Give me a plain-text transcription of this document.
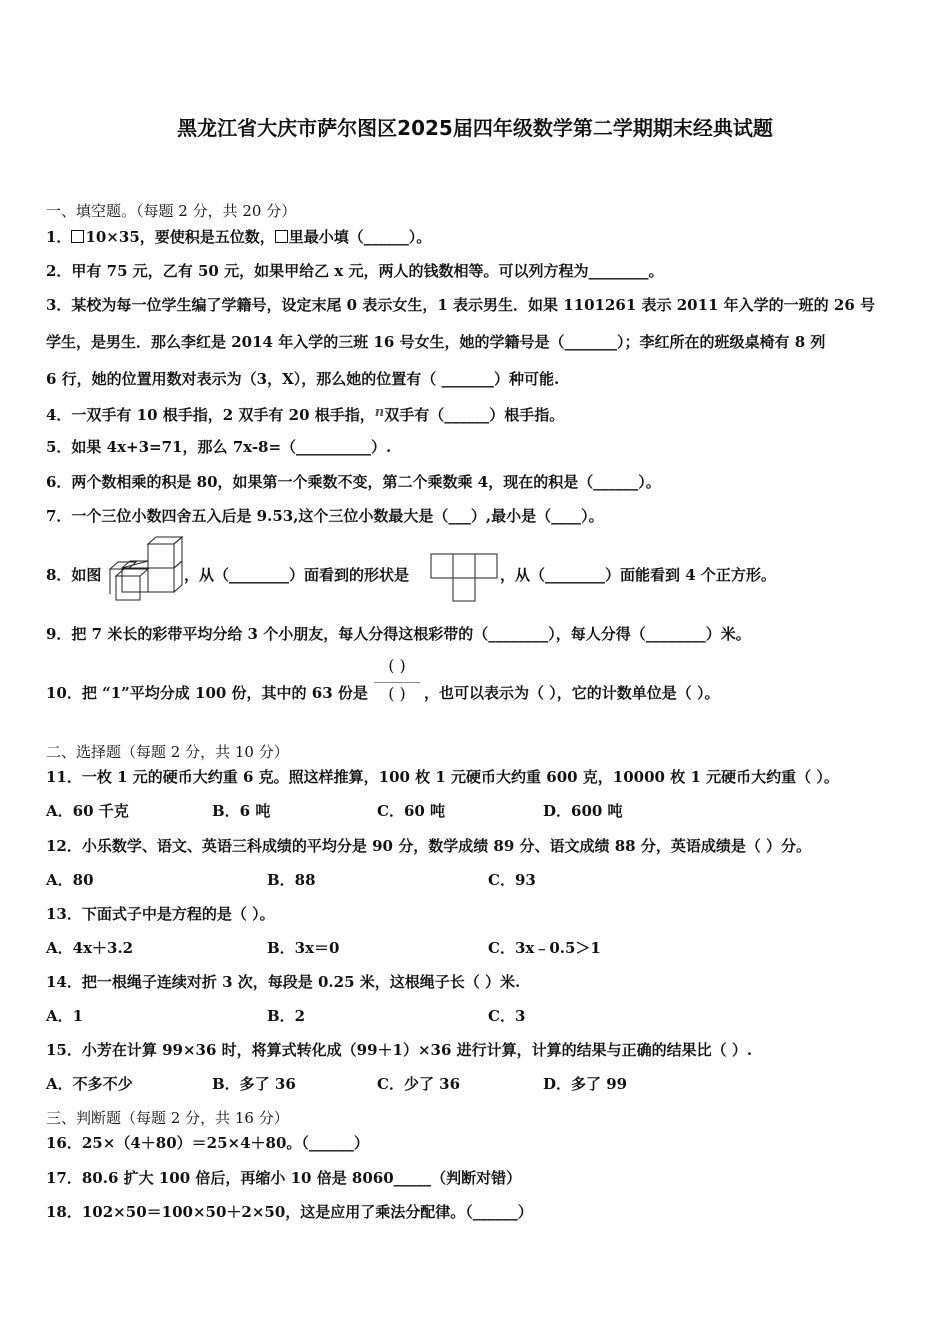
黑龙江省大庆市萨尔图区2025届四年级数学第二学期期末经典试题
一、填空题。（每题 2 分，共 20 分）
1． 10×35，要使积是五位数， 里最小填（______）。
2．甲有 75 元，乙有 50 元，如果甲给乙 x 元，两人的钱数相等。可以列方程为________。
3．某校为每一位学生编了学籍号，设定末尾 0 表示女生，1 表示男生．如果 1101261 表示 2011 年入学的一班的 26 号
学生，是男生．那么李红是 2014 年入学的三班 16 号女生，她的学籍号是（_______）；李红所在的班级桌椅有 8 列
6 行，她的位置用数对表示为（3，X），那么她的位置有（ _______）种可能.
4．一双手有 10 根手指，2 双手有 20 根手指，n双手有（______）根手指。
5．如果 4x+3=71，那么 7x-8=（__________）.
6．两个数相乘的积是 80，如果第一个乘数不变，第二个乘数乘 4，现在的积是（______）。
7．一个三位小数四舍五入后是 9.53,这个三位小数最大是（___）,最小是（____）。
8．如图	，从（________）面看到的形状是	，从（________）面能看到 4 个正方形。
9．把 7 米长的彩带平均分给 3 个小朋友，每人分得这根彩带的（________），每人分得（________）米。
10．把 “1”平均分成 100 份，其中的 63 份是
( )
( )	，也可以表示为（ ），它的计数单位是（ ）。
二、选择题（每题 2 分，共 10 分）
11．一枚 1 元的硬币大约重 6 克。照这样推算，100 枚 1 元硬币大约重 600 克，10000 枚 1 元硬币大约重（ ）。
A．60 千克	B．6 吨	C．60 吨	D．600 吨
12．小乐数学、语文、英语三科成绩的平均分是 90 分，数学成绩 89 分、语文成绩 88 分，英语成绩是（ ）分。
A．80	B．88	C．93
13．下面式子中是方程的是（ ）。
A．4x＋3.2	B．3x＝0	C．3x﹣0.5＞1
14．把一根绳子连续对折 3 次，每段是 0.25 米，这根绳子长（ ）米.
A．1	B．2	C．3
15．小芳在计算 99×36 时，将算式转化成（99＋1）×36 进行计算，计算的结果与正确的结果比（ ）.
A．不多不少	B．多了 36	C．少了 36	D．多了 99
三、判断题（每题 2 分，共 16 分）
16．25×（4＋80）＝25×4＋80。（______）
17．80.6 扩大 100 倍后，再缩小 10 倍是 8060_____（判断对错）
18．102×50＝100×50＋2×50，这是应用了乘法分配律。（______）
